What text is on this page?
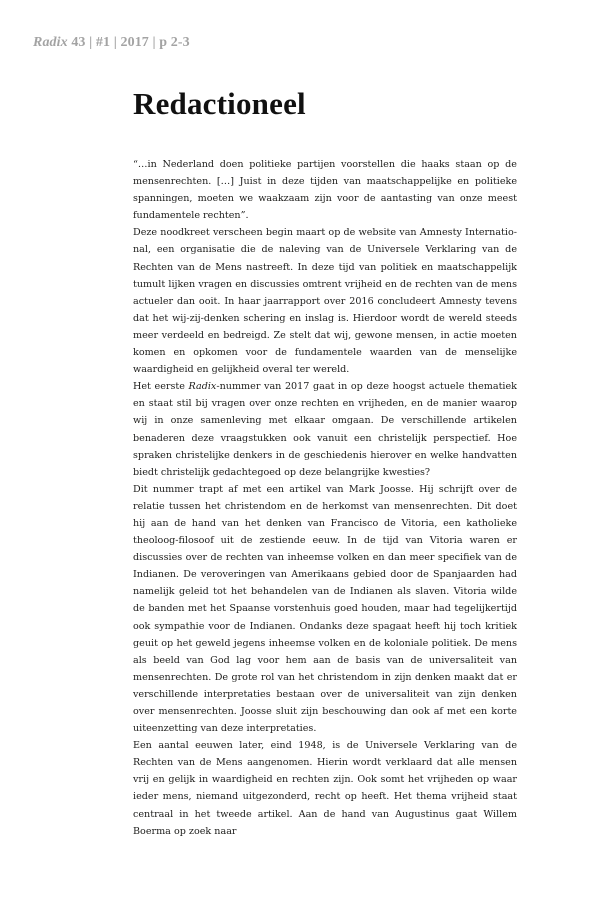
Radix 43 | #1 | 2017 | p 2-3
Redactioneel

“…in Nederland doen politieke partijen voorstellen die haaks staan op de mensenrechten. […] Juist in deze tijden van maatschappelijke en politieke spanningen, moeten we waakzaam zijn voor de aantasting van onze meest fundamentele rechten”.

Deze noodkreet verscheen begin maart op de website van Amnesty International, een organisatie die de naleving van de Universele Verklaring van de Rechten van de Mens nastreeft. In deze tijd van politiek en maatschappelijk tumult lijken vragen en discussies omtrent vrijheid en de rechten van de mens actueler dan ooit. In haar jaarrapport over 2016 concludeert Amnesty tevens dat het wij-zij-denken schering en inslag is. Hierdoor wordt de wereld steeds meer verdeeld en bedreigd. Ze stelt dat wij, gewone mensen, in actie moeten komen en opkomen voor de fundamentele waarden van de menselijke waardigheid en gelijkheid overal ter wereld.

Het eerste Radix-nummer van 2017 gaat in op deze hoogst actuele thematiek en staat stil bij vragen over onze rechten en vrijheden, en de manier waarop wij in onze samenleving met elkaar omgaan. De verschillende artikelen benaderen deze vraagstukken ook vanuit een christelijk perspectief. Hoe spraken christelijke denkers in de geschiedenis hierover en welke handvatten biedt christelijk gedachtegoed op deze belangrijke kwesties?

Dit nummer trapt af met een artikel van Mark Joosse. Hij schrijft over de relatie tussen het christendom en de herkomst van mensenrechten. Dit doet hij aan de hand van het denken van Francisco de Vitoria, een katholieke theoloog-filosoof uit de zestiende eeuw. In de tijd van Vitoria waren er discussies over de rechten van inheemse volken en dan meer specifiek van de Indianen. De veroveringen van Amerikaans gebied door de Spanjaarden had namelijk geleid tot het behandelen van de Indianen als slaven. Vitoria wilde de banden met het Spaanse vorstenhuis goed houden, maar had tegelijkertijd ook sympathie voor de Indianen. Ondanks deze spagaat heeft hij toch kritiek geuit op het geweld jegens inheemse volken en de koloniale politiek. De mens als beeld van God lag voor hem aan de basis van de universaliteit van mensenrechten. De grote rol van het christendom in zijn denken maakt dat er verschillende interpretaties bestaan over de universaliteit van zijn denken over mensenrechten. Joosse sluit zijn beschouwing dan ook af met een korte uiteenzetting van deze interpretaties.

Een aantal eeuwen later, eind 1948, is de Universele Verklaring van de Rechten van de Mens aangenomen. Hierin wordt verklaard dat alle mensen vrij en gelijk in waardigheid en rechten zijn. Ook somt het vrijheden op waar ieder mens, niemand uitgezonderd, recht op heeft. Het thema vrijheid staat centraal in het tweede artikel. Aan de hand van Augustinus gaat Willem Boerma op zoek naar
